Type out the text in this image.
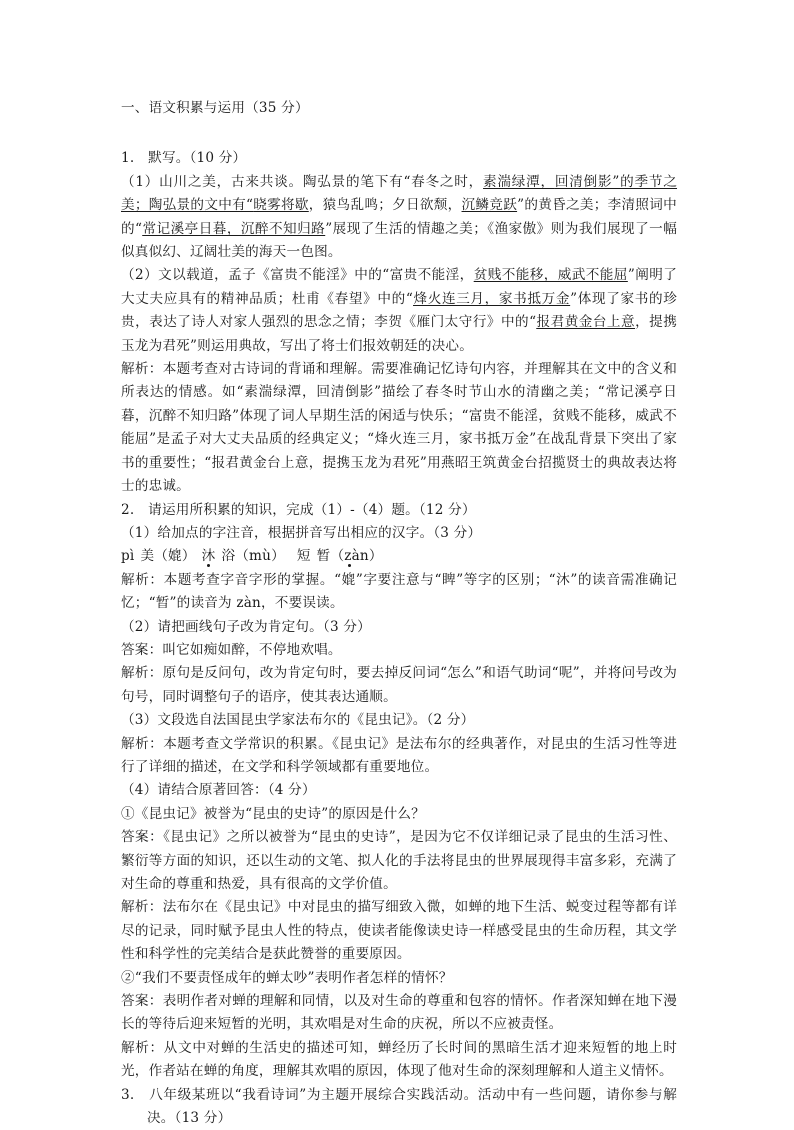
一、语文积累与运用（35 分）

1.　默写。（10 分）

（1）山川之美，古来共谈。陶弘景的笔下有“春冬之时，素湍绿潭，回清倒影”的季节之美；陶弘景的文中有“晓雾将歇，猿鸟乱鸣；夕日欲颓，沉鳞竞跃”的黄昏之美；李清照词中的“常记溪亭日暮，沉醉不知归路”展现了生活的情趣之美；《渔家傲》则为我们展现了一幅似真似幻、辽阔壮美的海天一色图。

（2）文以载道，孟子《富贵不能淫》中的“富贵不能淫，贫贱不能移，威武不能屈”阐明了大丈夫应具有的精神品质；杜甫《春望》中的“烽火连三月，家书抵万金”体现了家书的珍贵，表达了诗人对家人强烈的思念之情；李贺《雁门太守行》中的“报君黄金台上意，提携玉龙为君死”则运用典故，写出了将士们报效朝廷的决心。

解析：本题考查对古诗词的背诵和理解。需要准确记忆诗句内容，并理解其在文中的含义和所表达的情感。如“素湍绿潭，回清倒影”描绘了春冬时节山水的清幽之美；“常记溪亭日暮，沉醉不知归路”体现了词人早期生活的闲适与快乐；“富贵不能淫，贫贱不能移，威武不能屈”是孟子对大丈夫品质的经典定义；“烽火连三月，家书抵万金”在战乱背景下突出了家书的重要性；“报君黄金台上意，提携玉龙为君死”用燕昭王筑黄金台招揽贤士的典故表达将士的忠诚。

2.　请运用所积累的知识，完成（1）‐（4）题。（12 分）

（1）给加点的字注音，根据拼音写出相应的汉字。（3 分）

pì 美（媲） 沐 浴（mù） 短 暂（zàn）

解析：本题考查字音字形的掌握。“媲”字要注意与“睥”等字的区别；“沐”的读音需准确记忆；“暂”的读音为 zàn，不要误读。

（2）请把画线句子改为肯定句。（3 分）

答案：叫它如痴如醉，不停地欢唱。

解析：原句是反问句，改为肯定句时，要去掉反问词“怎么”和语气助词“呢”，并将问号改为句号，同时调整句子的语序，使其表达通顺。

（3）文段选自法国昆虫学家法布尔的《昆虫记》。（2 分）

解析：本题考查文学常识的积累。《昆虫记》是法布尔的经典著作，对昆虫的生活习性等进行了详细的描述，在文学和科学领域都有重要地位。

（4）请结合原著回答：（4 分）

①《昆虫记》被誉为“昆虫的史诗”的原因是什么？

答案：《昆虫记》之所以被誉为“昆虫的史诗”，是因为它不仅详细记录了昆虫的生活习性、繁衍等方面的知识，还以生动的文笔、拟人化的手法将昆虫的世界展现得丰富多彩，充满了对生命的尊重和热爱，具有很高的文学价值。

解析：法布尔在《昆虫记》中对昆虫的描写细致入微，如蝉的地下生活、蜕变过程等都有详尽的记录，同时赋予昆虫人性的特点，使读者能像读史诗一样感受昆虫的生命历程，其文学性和科学性的完美结合是获此赞誉的重要原因。

②“我们不要责怪成年的蝉太吵”表明作者怎样的情怀？

答案：表明作者对蝉的理解和同情，以及对生命的尊重和包容的情怀。作者深知蝉在地下漫长的等待后迎来短暂的光明，其欢唱是对生命的庆祝，所以不应被责怪。

解析：从文中对蝉的生活史的描述可知，蝉经历了长时间的黑暗生活才迎来短暂的地上时光，作者站在蝉的角度，理解其欢唱的原因，体现了他对生命的深刻理解和人道主义情怀。

3.　八年级某班以“我看诗词”为主题开展综合实践活动。活动中有一些问题，请你参与解决。（13 分）
